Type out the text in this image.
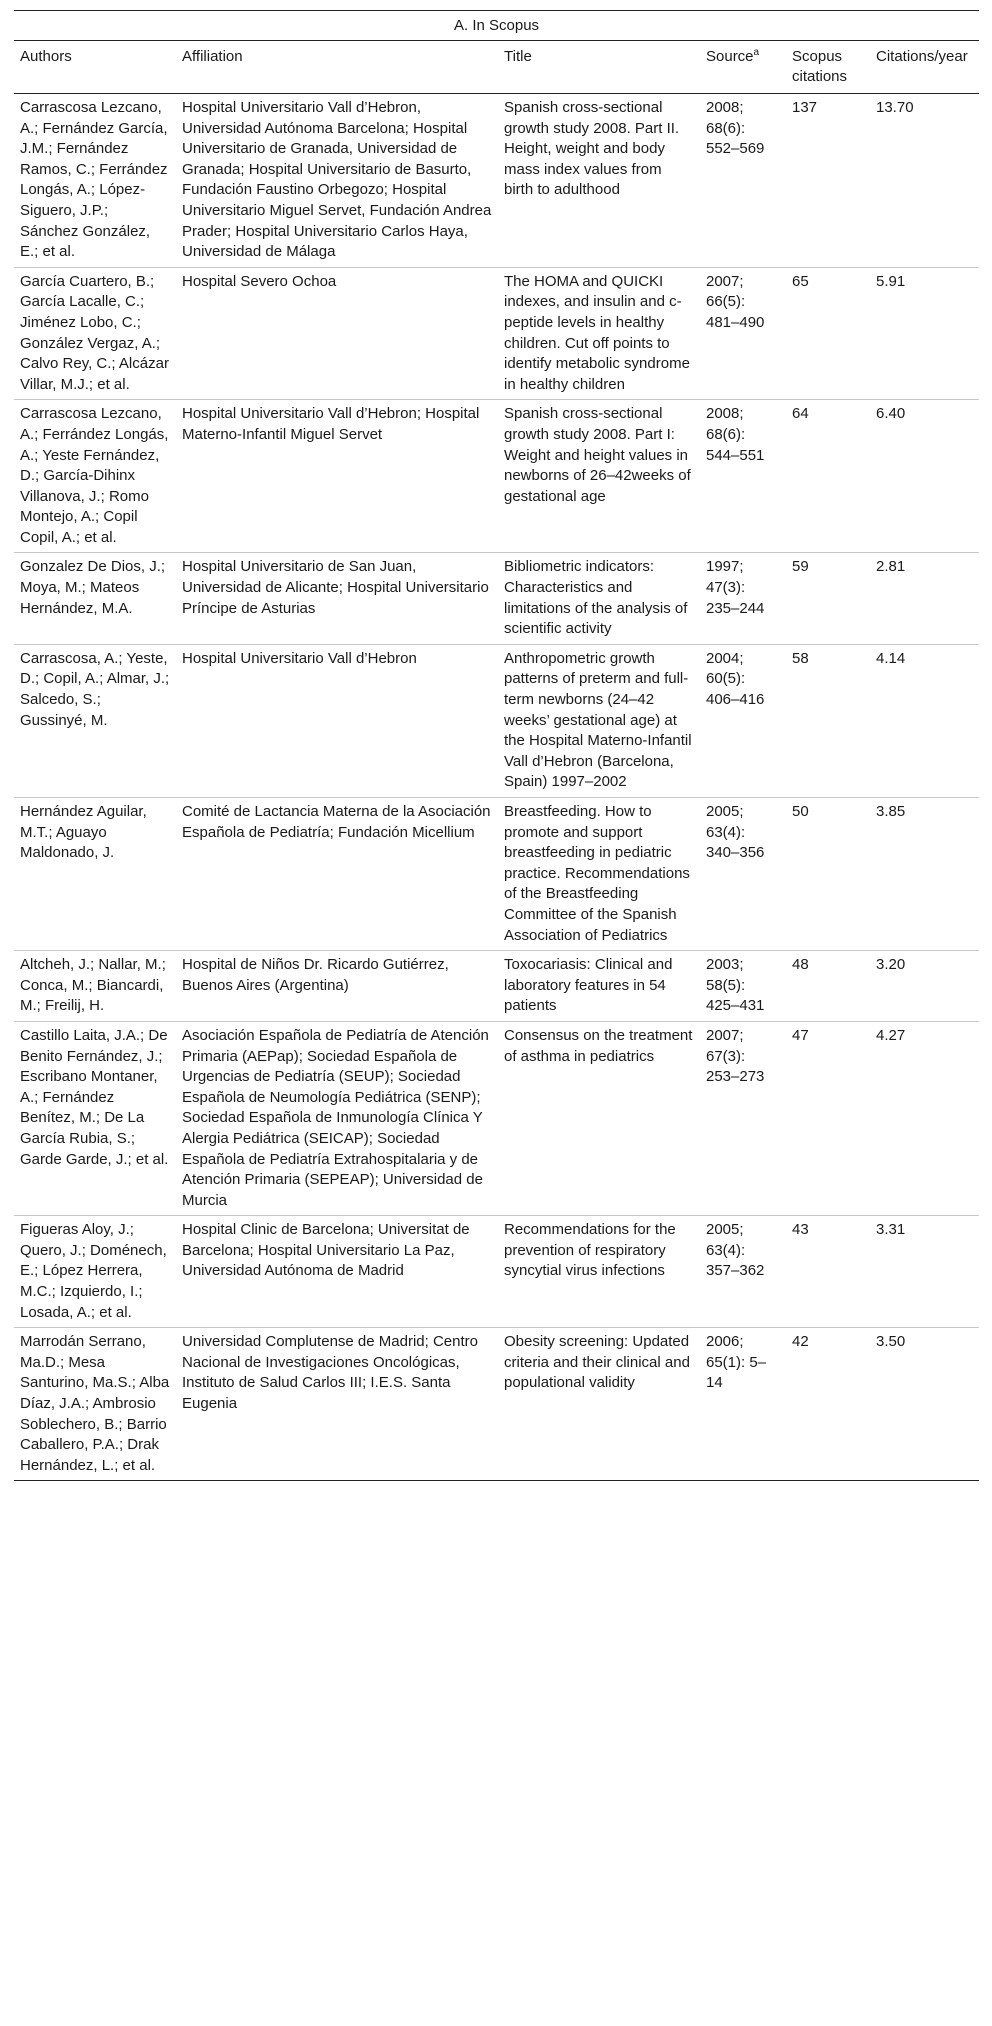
A. In Scopus					
Authors	Affiliation	Title	Source$^a$	Scopus citations	Citations/year
Carrascosa Lezcano, A.; Fernández García, J.M.; Fernández Ramos, C.; Ferrández Longás, A.; López-Siguero, J.P.; Sánchez González, E.; et al.	Hospital Universitario Vall d’Hebron, Universidad Autónoma Barcelona; Hospital Universitario de Granada, Universidad de Granada; Hospital Universitario de Basurto, Fundación Faustino Orbegozo; Hospital Universitario Miguel Servet, Fundación Andrea Prader; Hospital Universitario Carlos Haya, Universidad de Málaga	Spanish cross-sectional growth study 2008. Part II. Height, weight and body mass index values from birth to adulthood	2008; 68(6): 552–569	137	13.70
García Cuartero, B.; García Lacalle, C.; Jiménez Lobo, C.; González Vergaz, A.; Calvo Rey, C.; Alcázar Villar, M.J.; et al.	Hospital Severo Ochoa	The HOMA and QUICKI indexes, and insulin and c-peptide levels in healthy children. Cut off points to identify metabolic syndrome in healthy children	2007; 66(5): 481–490	65	5.91
Carrascosa Lezcano, A.; Ferrández Longás, A.; Yeste Fernández, D.; García-Dihinx Villanova, J.; Romo Montejo, A.; Copil Copil, A.; et al.	Hospital Universitario Vall d’Hebron; Hospital Materno-Infantil Miguel Servet	Spanish cross-sectional growth study 2008. Part I: Weight and height values in newborns of 26–42weeks of gestational age	2008; 68(6): 544–551	64	6.40
Gonzalez De Dios, J.; Moya, M.; Mateos Hernández, M.A.	Hospital Universitario de San Juan, Universidad de Alicante; Hospital Universitario Príncipe de Asturias	Bibliometric indicators: Characteristics and limitations of the analysis of scientific activity	1997; 47(3): 235–244	59	2.81
Carrascosa, A.; Yeste, D.; Copil, A.; Almar, J.; Salcedo, S.; Gussinyé, M.	Hospital Universitario Vall d’Hebron	Anthropometric growth patterns of preterm and full-term newborns (24–42 weeks’ gestational age) at the Hospital Materno-Infantil Vall d’Hebron (Barcelona, Spain) 1997–2002	2004; 60(5): 406–416	58	4.14
Hernández Aguilar, M.T.; Aguayo Maldonado, J.	Comité de Lactancia Materna de la Asociación Española de Pediatría; Fundación Micellium	Breastfeeding. How to promote and support breastfeeding in pediatric practice. Recommendations of the Breastfeeding Committee of the Spanish Association of Pediatrics	2005; 63(4): 340–356	50	3.85
Altcheh, J.; Nallar, M.; Conca, M.; Biancardi, M.; Freilij, H.	Hospital de Niños Dr. Ricardo Gutiérrez, Buenos Aires (Argentina)	Toxocariasis: Clinical and laboratory features in 54 patients	2003; 58(5): 425–431	48	3.20
Castillo Laita, J.A.; De Benito Fernández, J.; Escribano Montaner, A.; Fernández Benítez, M.; De La García Rubia, S.; Garde Garde, J.; et al.	Asociación Española de Pediatría de Atención Primaria (AEPap); Sociedad Española de Urgencias de Pediatría (SEUP); Sociedad Española de Neumología Pediátrica (SENP); Sociedad Española de Inmunología Clínica Y Alergia Pediátrica (SEICAP); Sociedad Española de Pediatría Extrahospitalaria y de Atención Primaria (SEPEAP); Universidad de Murcia	Consensus on the treatment of asthma in pediatrics	2007; 67(3): 253–273	47	4.27
Figueras Aloy, J.; Quero, J.; Doménech, E.; López Herrera, M.C.; Izquierdo, I.; Losada, A.; et al.	Hospital Clinic de Barcelona; Universitat de Barcelona; Hospital Universitario La Paz, Universidad Autónoma de Madrid	Recommendations for the prevention of respiratory syncytial virus infections	2005; 63(4): 357–362	43	3.31
Marrodán Serrano, Ma.D.; Mesa Santurino, Ma.S.; Alba Díaz, J.A.; Ambrosio Soblechero, B.; Barrio Caballero, P.A.; Drak Hernández, L.; et al.	Universidad Complutense de Madrid; Centro Nacional de Investigaciones Oncológicas, Instituto de Salud Carlos III; I.E.S. Santa Eugenia	Obesity screening: Updated criteria and their clinical and populational validity	2006; 65(1): 5–14	42	3.50
